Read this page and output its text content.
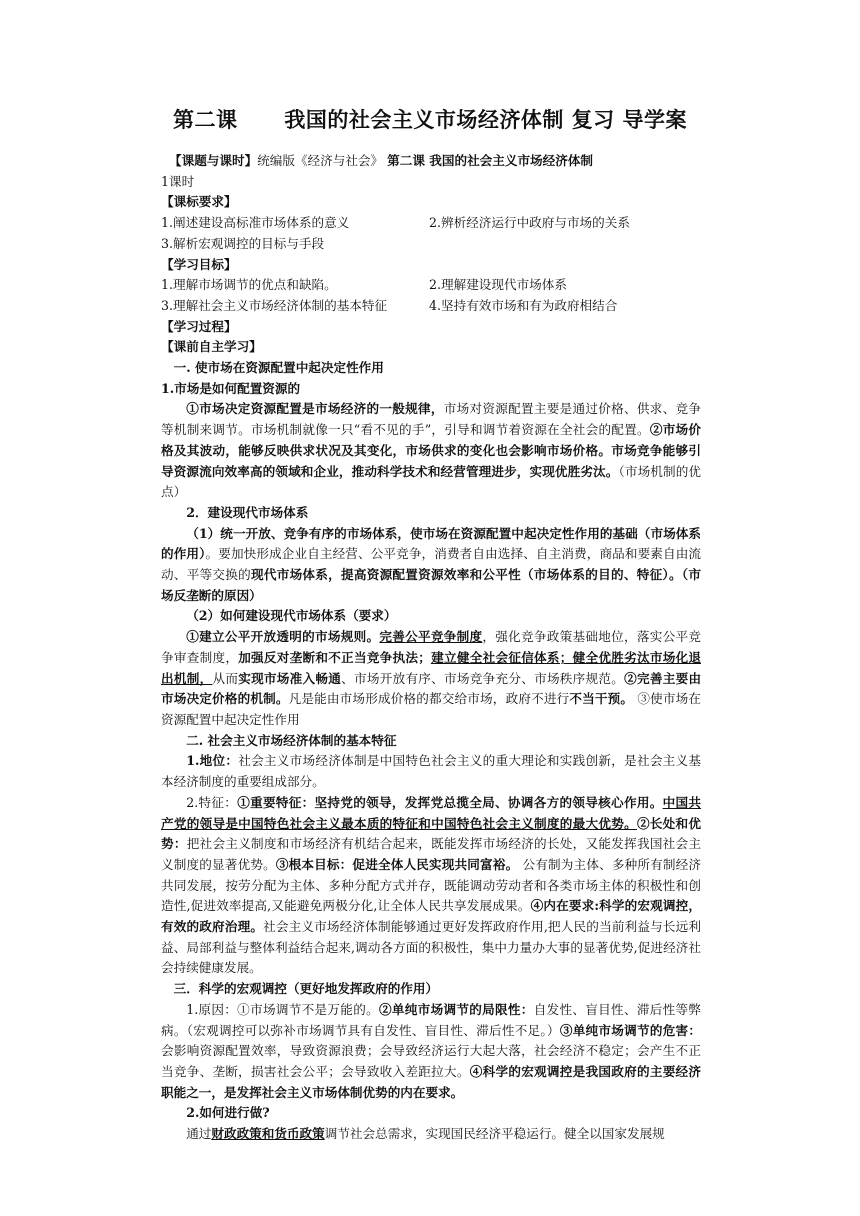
第二课      我国的社会主义市场经济体制 复习 导学案

【课题与课时】统编版《经济与社会》 第二课 我国的社会主义市场经济体制

1课时

【课标要求】

1.阐述建设高标准市场体系的意义	2.辨析经济运行中政府与市场的关系

3.解析宏观调控的目标与手段

【学习目标】

1.理解市场调节的优点和缺陷。	2.理解建设现代市场体系

3.理解社会主义市场经济体制的基本特征	4.坚持有效市场和有为政府相结合

【学习过程】

【课前自主学习】

一. 使市场在资源配置中起决定性作用

1.市场是如何配置资源的

①市场决定资源配置是市场经济的一般规律，市场对资源配置主要是通过价格、供求、竞争等机制来调节。市场机制就像一只“看不见的手”，引导和调节着资源在全社会的配置。②市场价格及其波动，能够反映供求状况及其变化，市场供求的变化也会影响市场价格。市场竞争能够引导资源流向效率高的领域和企业，推动科学技术和经营管理进步，实现优胜劣汰。（市场机制的优点）

2．建设现代市场体系

（1）统一开放、竞争有序的市场体系，使市场在资源配置中起决定性作用的基础（市场体系的作用）。要加快形成企业自主经营、公平竞争，消费者自由选择、自主消费，商品和要素自由流动、平等交换的现代市场体系，提高资源配置资源效率和公平性（市场体系的目的、特征）。（市场反垄断的原因）

（2）如何建设现代市场体系（要求）

①建立公平开放透明的市场规则。完善公平竞争制度，强化竞争政策基础地位，落实公平竞争审查制度，加强反对垄断和不正当竞争执法；建立健全社会征信体系；健全优胜劣汰市场化退出机制，从而实现市场准入畅通、市场开放有序、市场竞争充分、市场秩序规范。②完善主要由市场决定价格的机制。凡是能由市场形成价格的都交给市场，政府不进行不当干预。 ③使市场在资源配置中起决定性作用

二. 社会主义市场经济体制的基本特征

1.地位：社会主义市场经济体制是中国特色社会主义的重大理论和实践创新，是社会主义基本经济制度的重要组成部分。

2.特征：①重要特征：坚持党的领导，发挥党总揽全局、协调各方的领导核心作用。中国共产党的领导是中国特色社会主义最本质的特征和中国特色社会主义制度的最大优势。②长处和优势：把社会主义制度和市场经济有机结合起来，既能发挥市场经济的长处，又能发挥我国社会主义制度的显著优势。③根本目标：促进全体人民实现共同富裕。 公有制为主体、多种所有制经济共同发展，按劳分配为主体、多种分配方式并存，既能调动劳动者和各类市场主体的积极性和创造性,促进效率提高,又能避免两极分化,让全体人民共享发展成果。④内在要求:科学的宏观调控，有效的政府治理。社会主义市场经济体制能够通过更好发挥政府作用,把人民的当前利益与长远利益、局部利益与整体利益结合起来,调动各方面的积极性，集中力量办大事的显著优势,促进经济社会持续健康发展。

三．科学的宏观调控（更好地发挥政府的作用）

1.原因：①市场调节不是万能的。②单纯市场调节的局限性：自发性、盲目性、滞后性等弊病。（宏观调控可以弥补市场调节具有自发性、盲目性、滞后性不足。）③单纯市场调节的危害：会影响资源配置效率，导致资源浪费；会导致经济运行大起大落，社会经济不稳定；会产生不正当竞争、垄断，损害社会公平；会导致收入差距拉大。④科学的宏观调控是我国政府的主要经济职能之一，是发挥社会主义市场体制优势的内在要求。

2.如何进行做?

通过财政政策和货币政策调节社会总需求，实现国民经济平稳运行。健全以国家发展规
